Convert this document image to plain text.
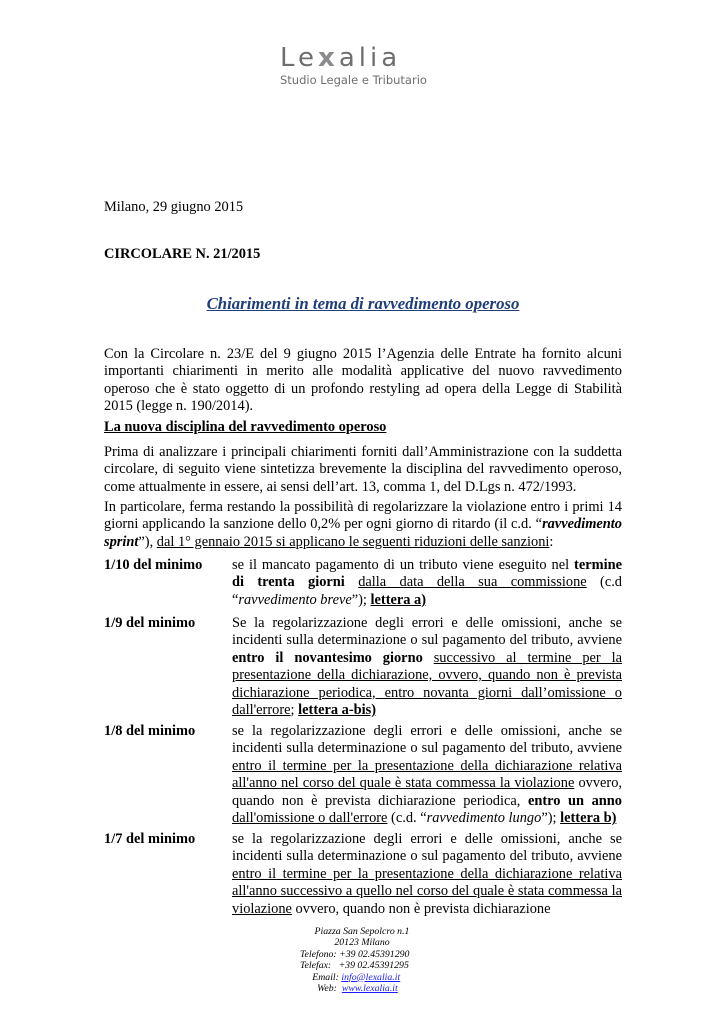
Lexalia
Studio Legale e Tributario
Milano, 29 giugno 2015
CIRCOLARE N. 21/2015
Chiarimenti in tema di ravvedimento operoso
Con la Circolare n. 23/E del 9 giugno 2015 l’Agenzia delle Entrate ha fornito alcuni importanti chiarimenti in merito alle modalità applicative del nuovo ravvedimento operoso che è stato oggetto di un profondo restyling ad opera della Legge di Stabilità 2015 (legge n. 190/2014).
La nuova disciplina del ravvedimento operoso
Prima di analizzare i principali chiarimenti forniti dall’Amministrazione con la suddetta circolare, di seguito viene sintetizza brevemente la disciplina del ravvedimento operoso, come attualmente in essere, ai sensi dell’art. 13, comma 1, del D.Lgs n. 472/1993.
In particolare, ferma restando la possibilità di regolarizzare la violazione entro i primi 14 giorni applicando la sanzione dello 0,2% per ogni giorno di ritardo (il c.d. “ravvedimento sprint”), dal 1° gennaio 2015 si applicano le seguenti riduzioni delle sanzioni:
1/10 del minimo se il mancato pagamento di un tributo viene eseguito nel termine di trenta giorni dalla data della sua commissione (c.d “ravvedimento breve”); lettera a)
1/9 del minimo	Se la regolarizzazione degli errori e delle omissioni, anche se incidenti sulla determinazione o sul pagamento del tributo, avviene entro il novantesimo giorno successivo al termine per la presentazione della dichiarazione, ovvero, quando non è prevista dichiarazione periodica, entro novanta giorni dall’omissione o dall'errore; lettera a-bis)
1/8 del minimo	se la regolarizzazione degli errori e delle omissioni, anche se incidenti sulla determinazione o sul pagamento del tributo, avviene entro il termine per la presentazione della dichiarazione relativa all'anno nel corso del quale è stata commessa la violazione ovvero, quando non è prevista dichiarazione periodica, entro un anno dall'omissione o dall'errore (c.d. “ravvedimento lungo”); lettera b)
1/7 del minimo	se la regolarizzazione degli errori e delle omissioni, anche se incidenti sulla determinazione o sul pagamento del tributo, avviene entro il termine per la presentazione della dichiarazione relativa all'anno successivo a quello nel corso del quale è stata commessa la violazione ovvero, quando non è prevista dichiarazione
Piazza San Sepolcro n.1
20123 Milano
Telefono: +39 02.45391290
Telefax: +39 02.45391295
Email: info@lexalia.it
Web: www.lexalia.it
